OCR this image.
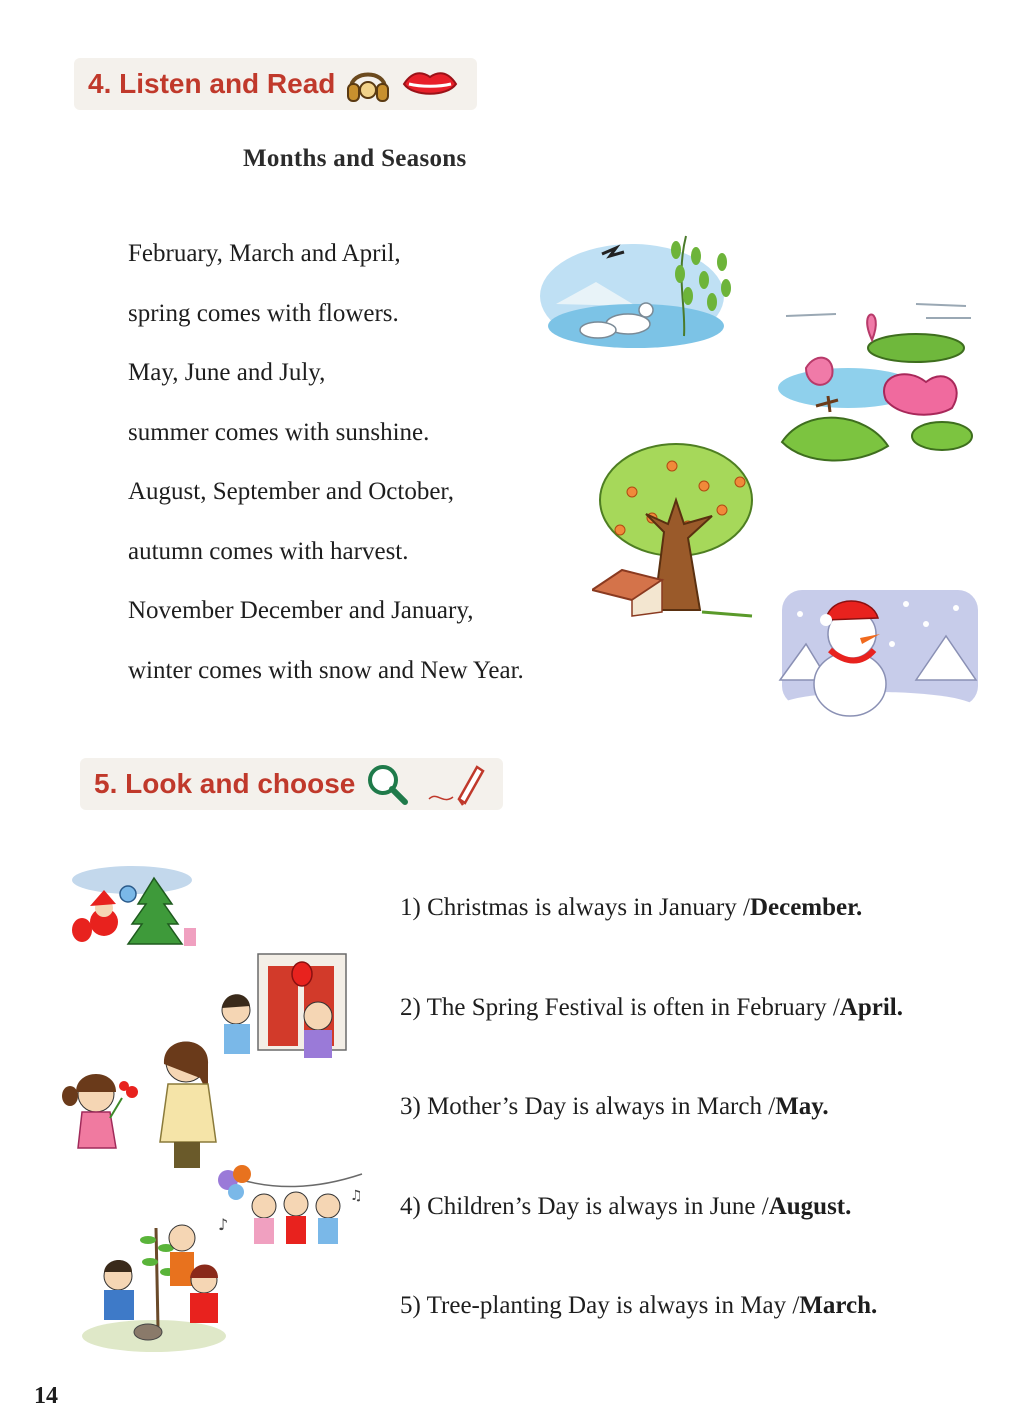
4. Listen and Read
Months and Seasons
February, March and April,
spring comes with flowers.
May, June and July,
summer comes with sunshine.
August, September and October,
autumn comes with harvest.
November December and January,
winter comes with snow and New Year.
5. Look and choose
♪
♫
1) Christmas is always in January /December.
2) The Spring Festival is often in February /April.
3) Mother’s Day is always in March /May.
4) Children’s Day is always in June /August.
5) Tree-planting Day is always in May /March.
14
